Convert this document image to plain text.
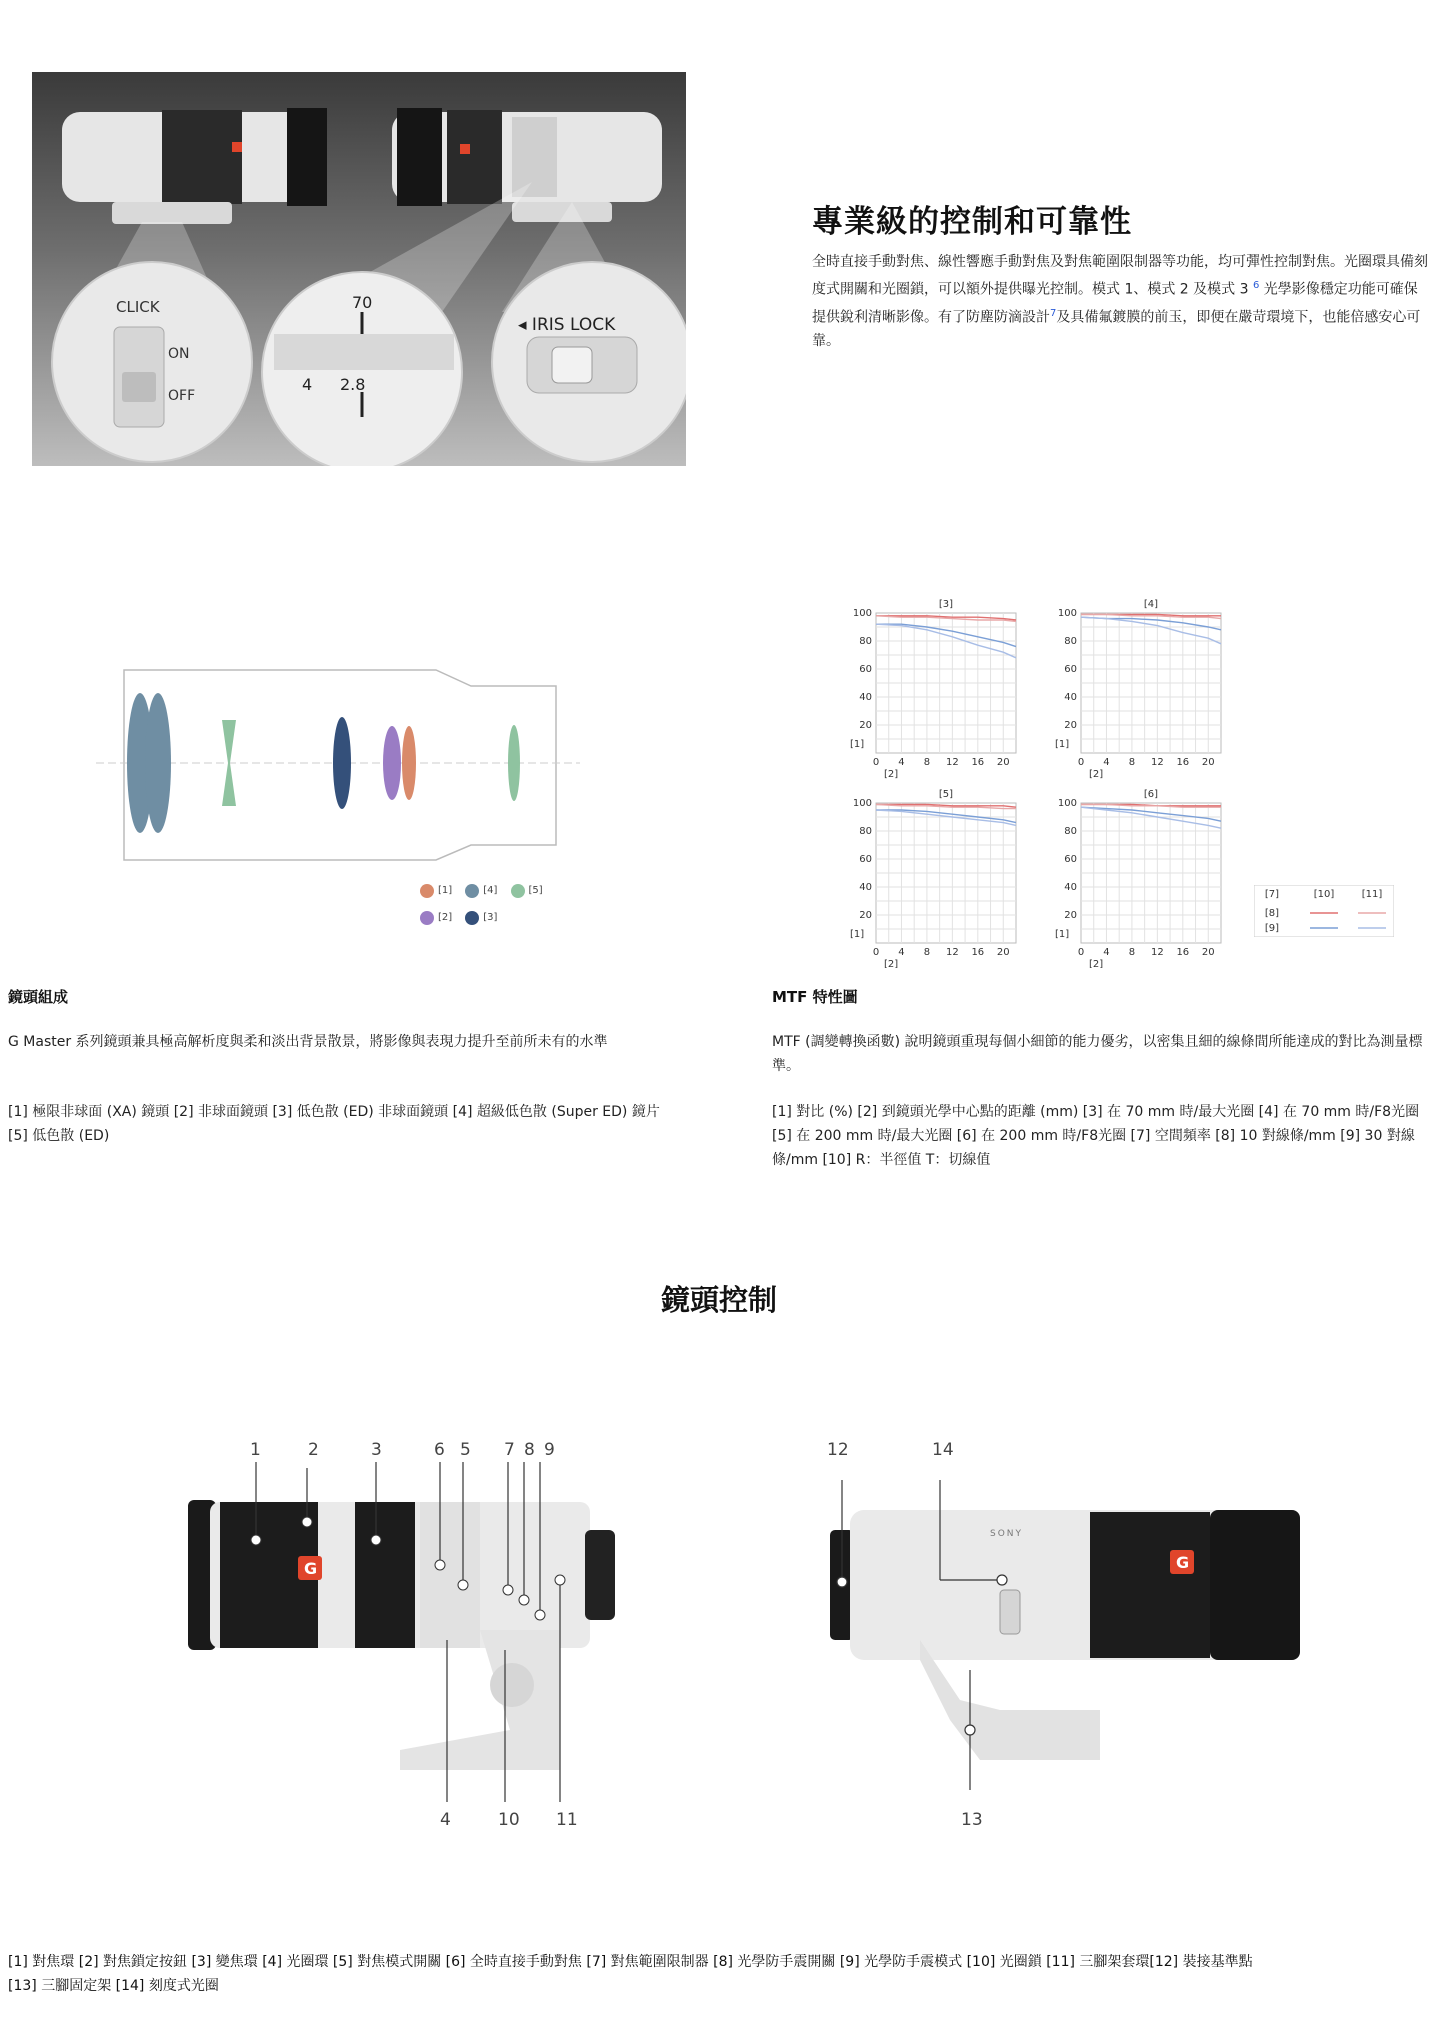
CLICK
ON
OFF
70
4 2.8
◂ IRIS LOCK
專業級的控制和可靠性
全時直接手動對焦、線性響應手動對焦及對焦範圍限制器等功能，均可彈性控制對焦。光圈環具備刻度式開關和光圈鎖，可以額外提供曝光控制。模式 1、模式 2 及模式 3 $^6$ 光學影像穩定功能可確保提供銳利清晰影像。有了防塵防滴設計$^7$及具備氟鍍膜的前玉，即便在嚴苛環境下，也能倍感安心可靠。
[1]	[4]	[5]
[2]	[3]
鏡頭組成
G Master 系列鏡頭兼具極高解析度與柔和淡出背景散景，將影像與表現力提升至前所未有的水準
[1] 極限非球面 (XA) 鏡頭 [2] 非球面鏡頭 [3] 低色散 (ED) 非球面鏡頭 [4] 超級低色散 (Super ED) 鏡片 [5] 低色散 (ED)
20
40
60
80
100
0 4 8 12 16 20
[3]
[1]
[2]
20
40
60
80
100
0 4 8 12 16 20
[4]
[1]
[2]
20
40
60
80
100
0 4 8 12 16 20
[5]
[1]
[2]
20
40
60
80
100
0 4 8 12 16 20
[6]
[1]
[2]
[7]	[10]	[11]
[8]
[9]
MTF 特性圖
MTF (調變轉換函數) 說明鏡頭重現每個小細節的能力優劣，以密集且細的線條間所能達成的對比為測量標準。
[1] 對比 (%) [2] 到鏡頭光學中心點的距離 (mm) [3] 在 70 mm 時/最大光圈 [4] 在 70 mm 時/F8光圈 [5] 在 200 mm 時/最大光圈 [6] 在 200 mm 時/F8光圈 [7] 空間頻率 [8] 10 對線條/mm [9] 30 對線條/mm [10] R：半徑值 T：切線值
鏡頭控制
G
1	2	3	6 5 7 8 9
4	10 11
G
SONY
12	14
13
[1] 對焦環 [2] 對焦鎖定按鈕 [3] 變焦環 [4] 光圈環 [5] 對焦模式開關 [6] 全時直接手動對焦 [7] 對焦範圍限制器 [8] 光學防手震開關 [9] 光學防手震模式 [10] 光圈鎖 [11] 三腳架套環[12] 裝接基準點
[13] 三腳固定架 [14] 刻度式光圈
